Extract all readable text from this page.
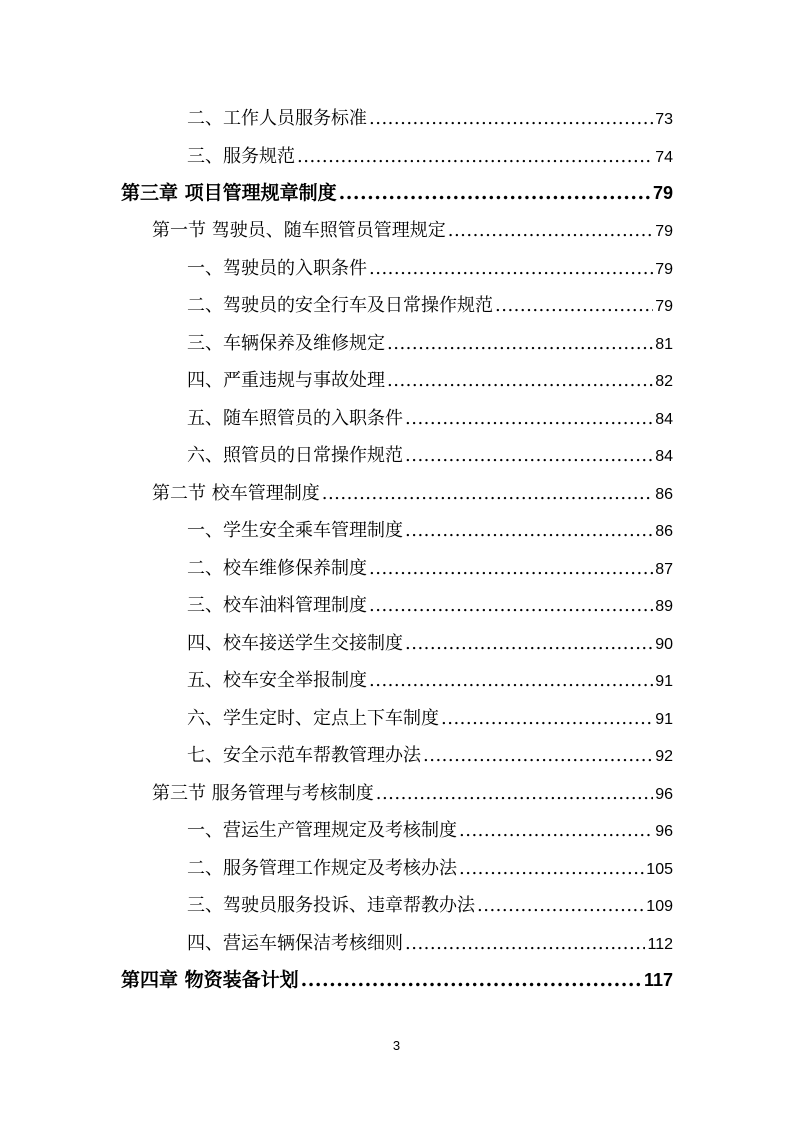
二、工作人员服务标准 .....	73
三、服务规范 .....	74
第三章 项目管理规章制度 .....	79
第一节 驾驶员、随车照管员管理规定 .....	79
一、驾驶员的入职条件 .....	79
二、驾驶员的安全行车及日常操作规范 .....	79
三、车辆保养及维修规定 .....	81
四、严重违规与事故处理 .....	82
五、随车照管员的入职条件 .....	84
六、照管员的日常操作规范 .....	84
第二节 校车管理制度 .....	86
一、学生安全乘车管理制度 .....	86
二、校车维修保养制度 .....	87
三、校车油料管理制度 .....	89
四、校车接送学生交接制度 .....	90
五、校车安全举报制度 .....	91
六、学生定时、定点上下车制度 .....	91
七、安全示范车帮教管理办法 .....	92
第三节 服务管理与考核制度 .....	96
一、营运生产管理规定及考核制度 .....	96
二、服务管理工作规定及考核办法 .....	105
三、驾驶员服务投诉、违章帮教办法 .....	109
四、营运车辆保洁考核细则 .....	112
第四章 物资装备计划 .....	117
3
